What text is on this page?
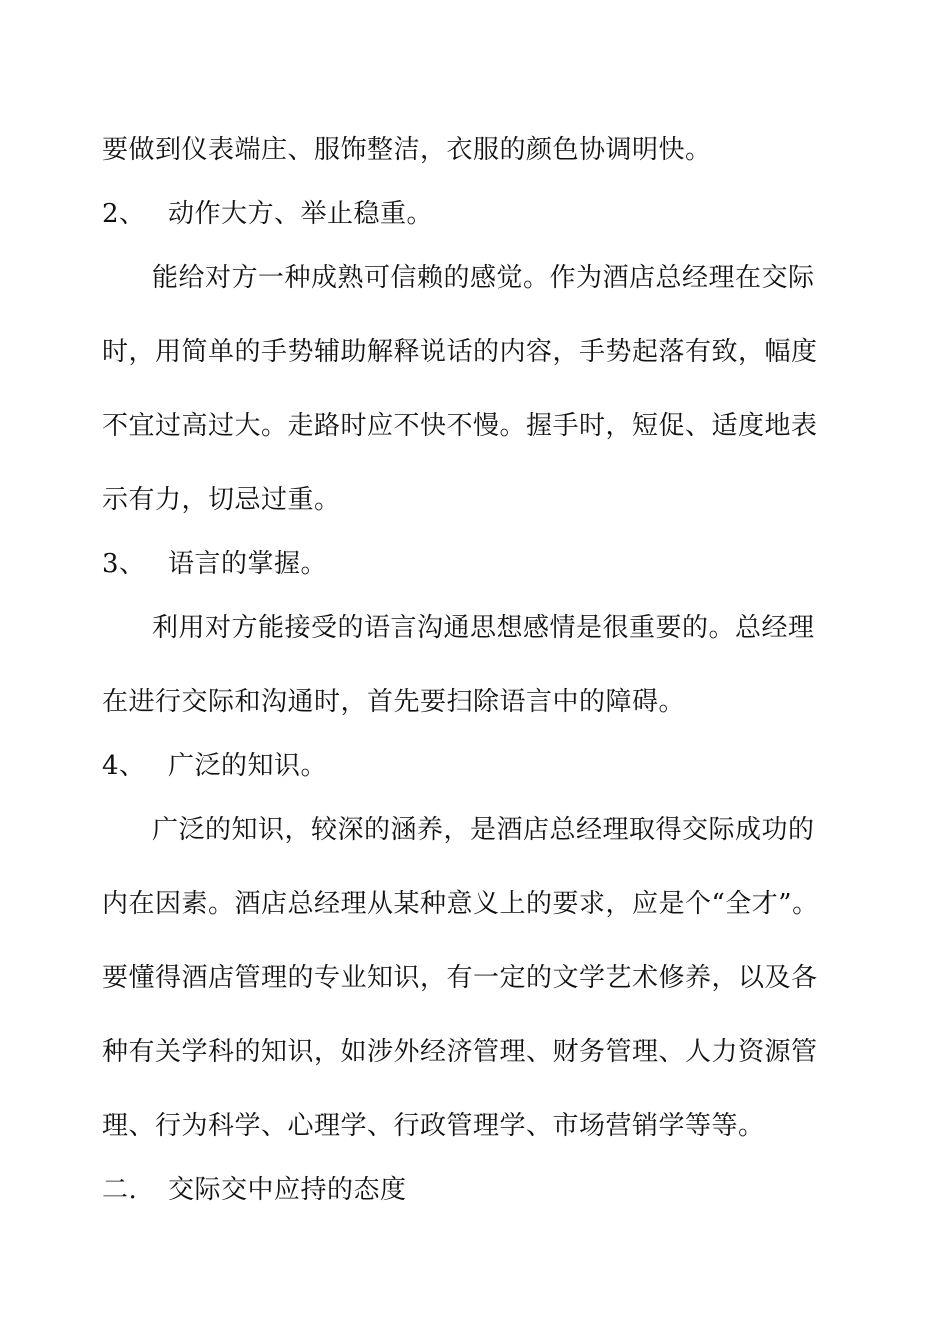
要做到仪表端庄、服饰整洁，衣服的颜色协调明快。
2、 动作大方、举止稳重。
能给对方一种成熟可信赖的感觉。作为酒店总经理在交际
时，用简单的手势辅助解释说话的内容，手势起落有致，幅度
不宜过高过大。走路时应不快不慢。握手时，短促、适度地表
示有力，切忌过重。
3、 语言的掌握。
利用对方能接受的语言沟通思想感情是很重要的。总经理
在进行交际和沟通时，首先要扫除语言中的障碍。
4、 广泛的知识。
广泛的知识，较深的涵养，是酒店总经理取得交际成功的
内在因素。酒店总经理从某种意义上的要求，应是个“全才”。
要懂得酒店管理的专业知识，有一定的文学艺术修养，以及各
种有关学科的知识，如涉外经济管理、财务管理、人力资源管
理、行为科学、心理学、行政管理学、市场营销学等等。
二. 交际交中应持的态度
